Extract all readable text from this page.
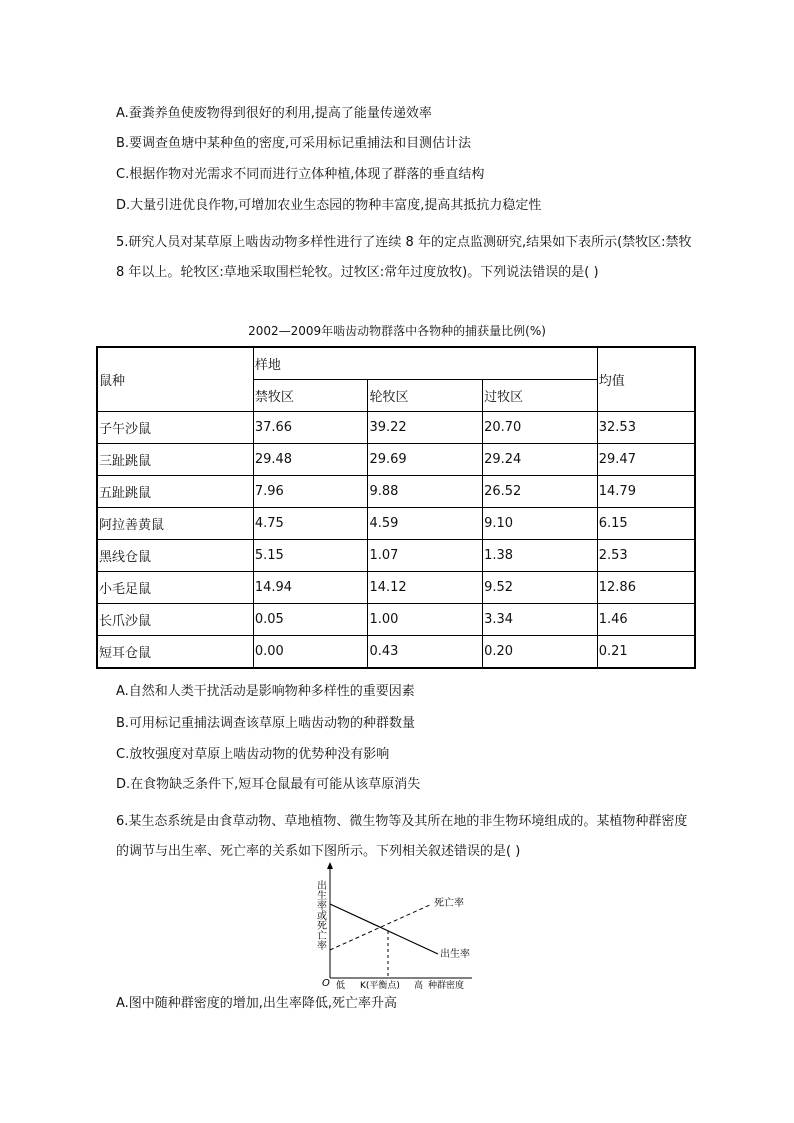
A.蚕粪养鱼使废物得到很好的利用,提高了能量传递效率
B.要调查鱼塘中某种鱼的密度,可采用标记重捕法和目测估计法
C.根据作物对光需求不同而进行立体种植,体现了群落的垂直结构
D.大量引进优良作物,可增加农业生态园的物种丰富度,提高其抵抗力稳定性
5.研究人员对某草原上啮齿动物多样性进行了连续 8 年的定点监测研究,结果如下表所示(禁牧区:禁牧 8 年以上。轮牧区:草地采取围栏轮牧。过牧区:常年过度放牧)。下列说法错误的是( )
2002—2009年啮齿动物群落中各物种的捕获量比例(%)
鼠种	样地			均值
	禁牧区	轮牧区	过牧区	
子午沙鼠	37.66	39.22	20.70	32.53
三趾跳鼠	29.48	29.69	29.24	29.47
五趾跳鼠	7.96	9.88	26.52	14.79
阿拉善黄鼠	4.75	4.59	9.10	6.15
黑线仓鼠	5.15	1.07	1.38	2.53
小毛足鼠	14.94	14.12	9.52	12.86
长爪沙鼠	0.05	1.00	3.34	1.46
短耳仓鼠	0.00	0.43	0.20	0.21
A.自然和人类干扰活动是影响物种多样性的重要因素
B.可用标记重捕法调查该草原上啮齿动物的种群数量
C.放牧强度对草原上啮齿动物的优势种没有影响
D.在食物缺乏条件下,短耳仓鼠最有可能从该草原消失
6.某生态系统是由食草动物、草地植物、微生物等及其所在地的非生物环境组成的。某植物种群密度的调节与出生率、死亡率的关系如下图所示。下列相关叙述错误的是( )
出生率或死亡率
O 低 K(平衡点) 高 种群密度
死亡率
出生率
A.图中随种群密度的增加,出生率降低,死亡率升高
